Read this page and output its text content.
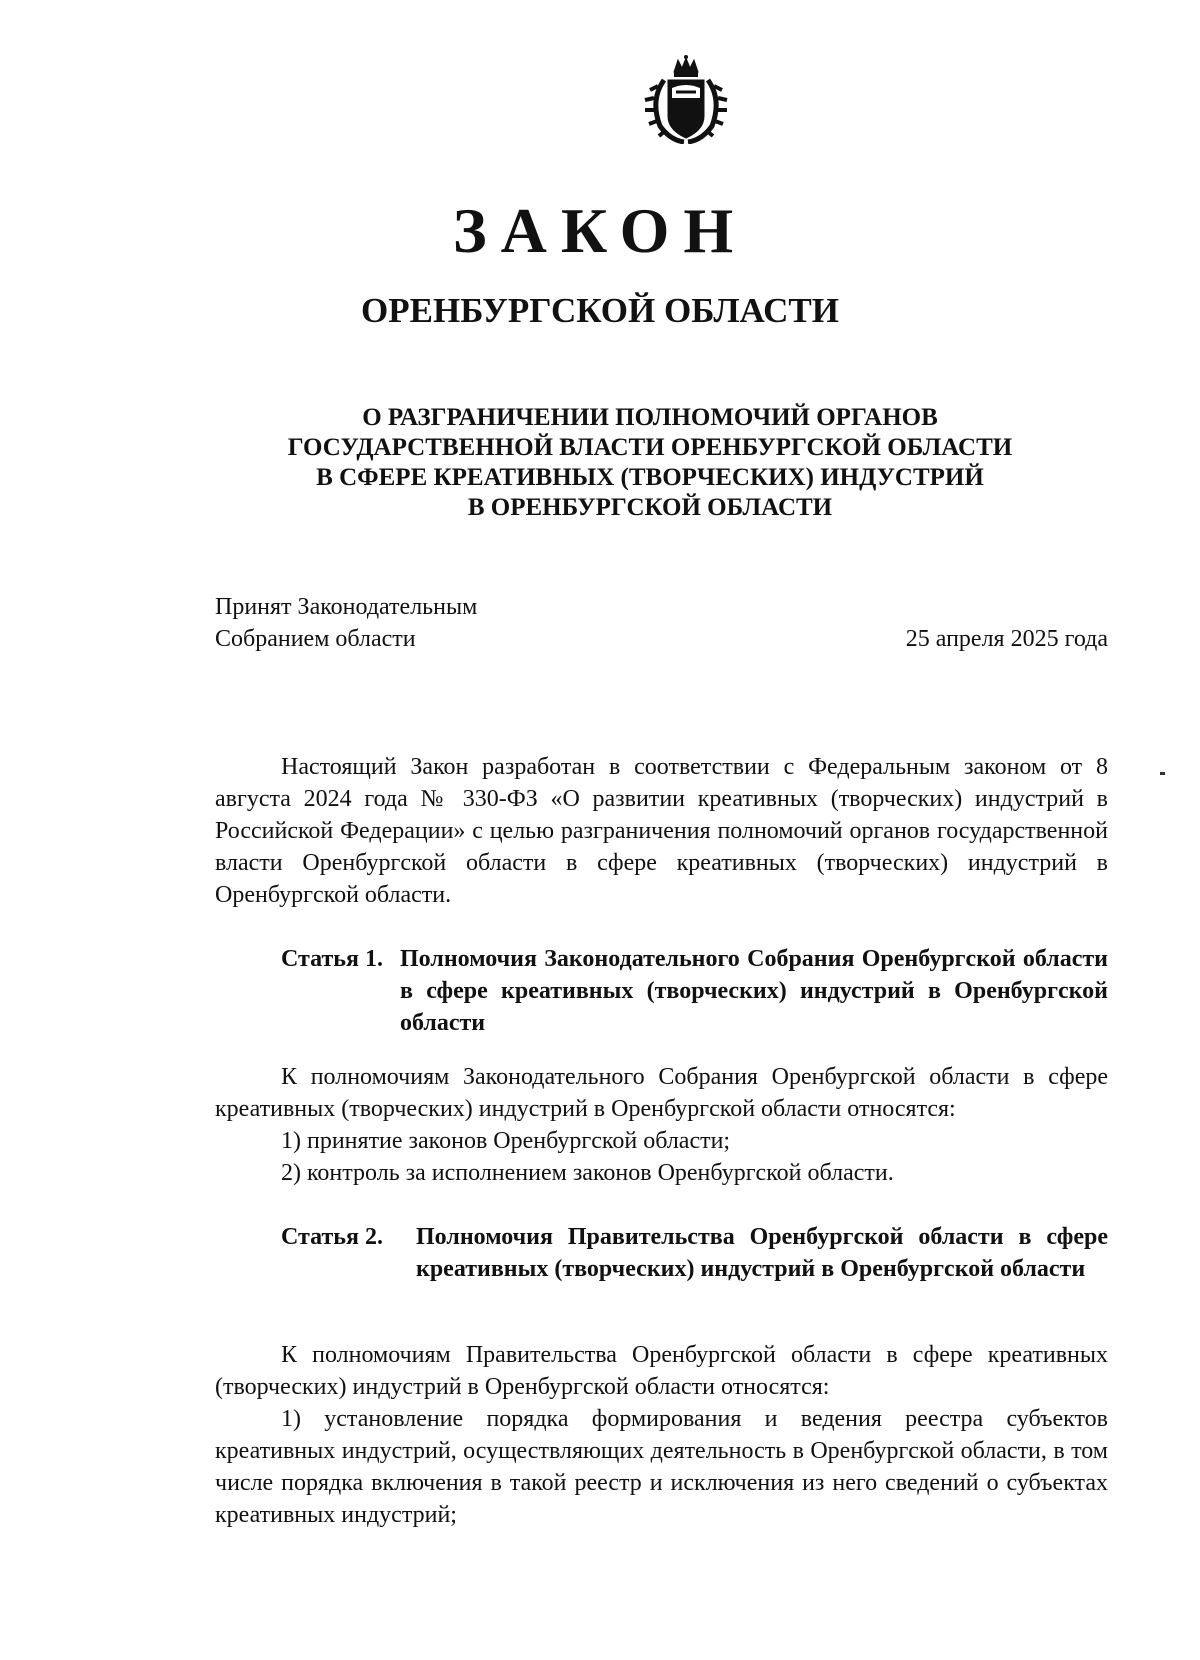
ЗАКОН
ОРЕНБУРГСКОЙ ОБЛАСТИ
О РАЗГРАНИЧЕНИИ ПОЛНОМОЧИЙ ОРГАНОВ
ГОСУДАРСТВЕННОЙ ВЛАСТИ ОРЕНБУРГСКОЙ ОБЛАСТИ
В СФЕРЕ КРЕАТИВНЫХ (ТВОРЧЕСКИХ) ИНДУСТРИЙ
В ОРЕНБУРГСКОЙ ОБЛАСТИ
Принят Законодательным
Собранием области	25 апреля 2025 года
Настоящий Закон разработан в соответствии с Федеральным законом от 8 августа 2024 года № 330-ФЗ «О развитии креативных (творческих) индустрий в Российской Федерации» с целью разграничения полномочий органов государственной власти Оренбургской области в сфере креативных (творческих) индустрий в Оренбургской области.
Статья 1. Полномочия Законодательного Собрания Оренбургской области в сфере креативных (творческих) индустрий в Оренбургской области
К полномочиям Законодательного Собрания Оренбургской области в сфере креативных (творческих) индустрий в Оренбургской области относятся:
1) принятие законов Оренбургской области;
2) контроль за исполнением законов Оренбургской области.
Статья 2. Полномочия Правительства Оренбургской области в сфере креативных (творческих) индустрий в Оренбургской области
К полномочиям Правительства Оренбургской области в сфере креативных (творческих) индустрий в Оренбургской области относятся:
1) установление порядка формирования и ведения реестра субъектов креативных индустрий, осуществляющих деятельность в Оренбургской области, в том числе порядка включения в такой реестр и исключения из него сведений о субъектах креативных индустрий;
